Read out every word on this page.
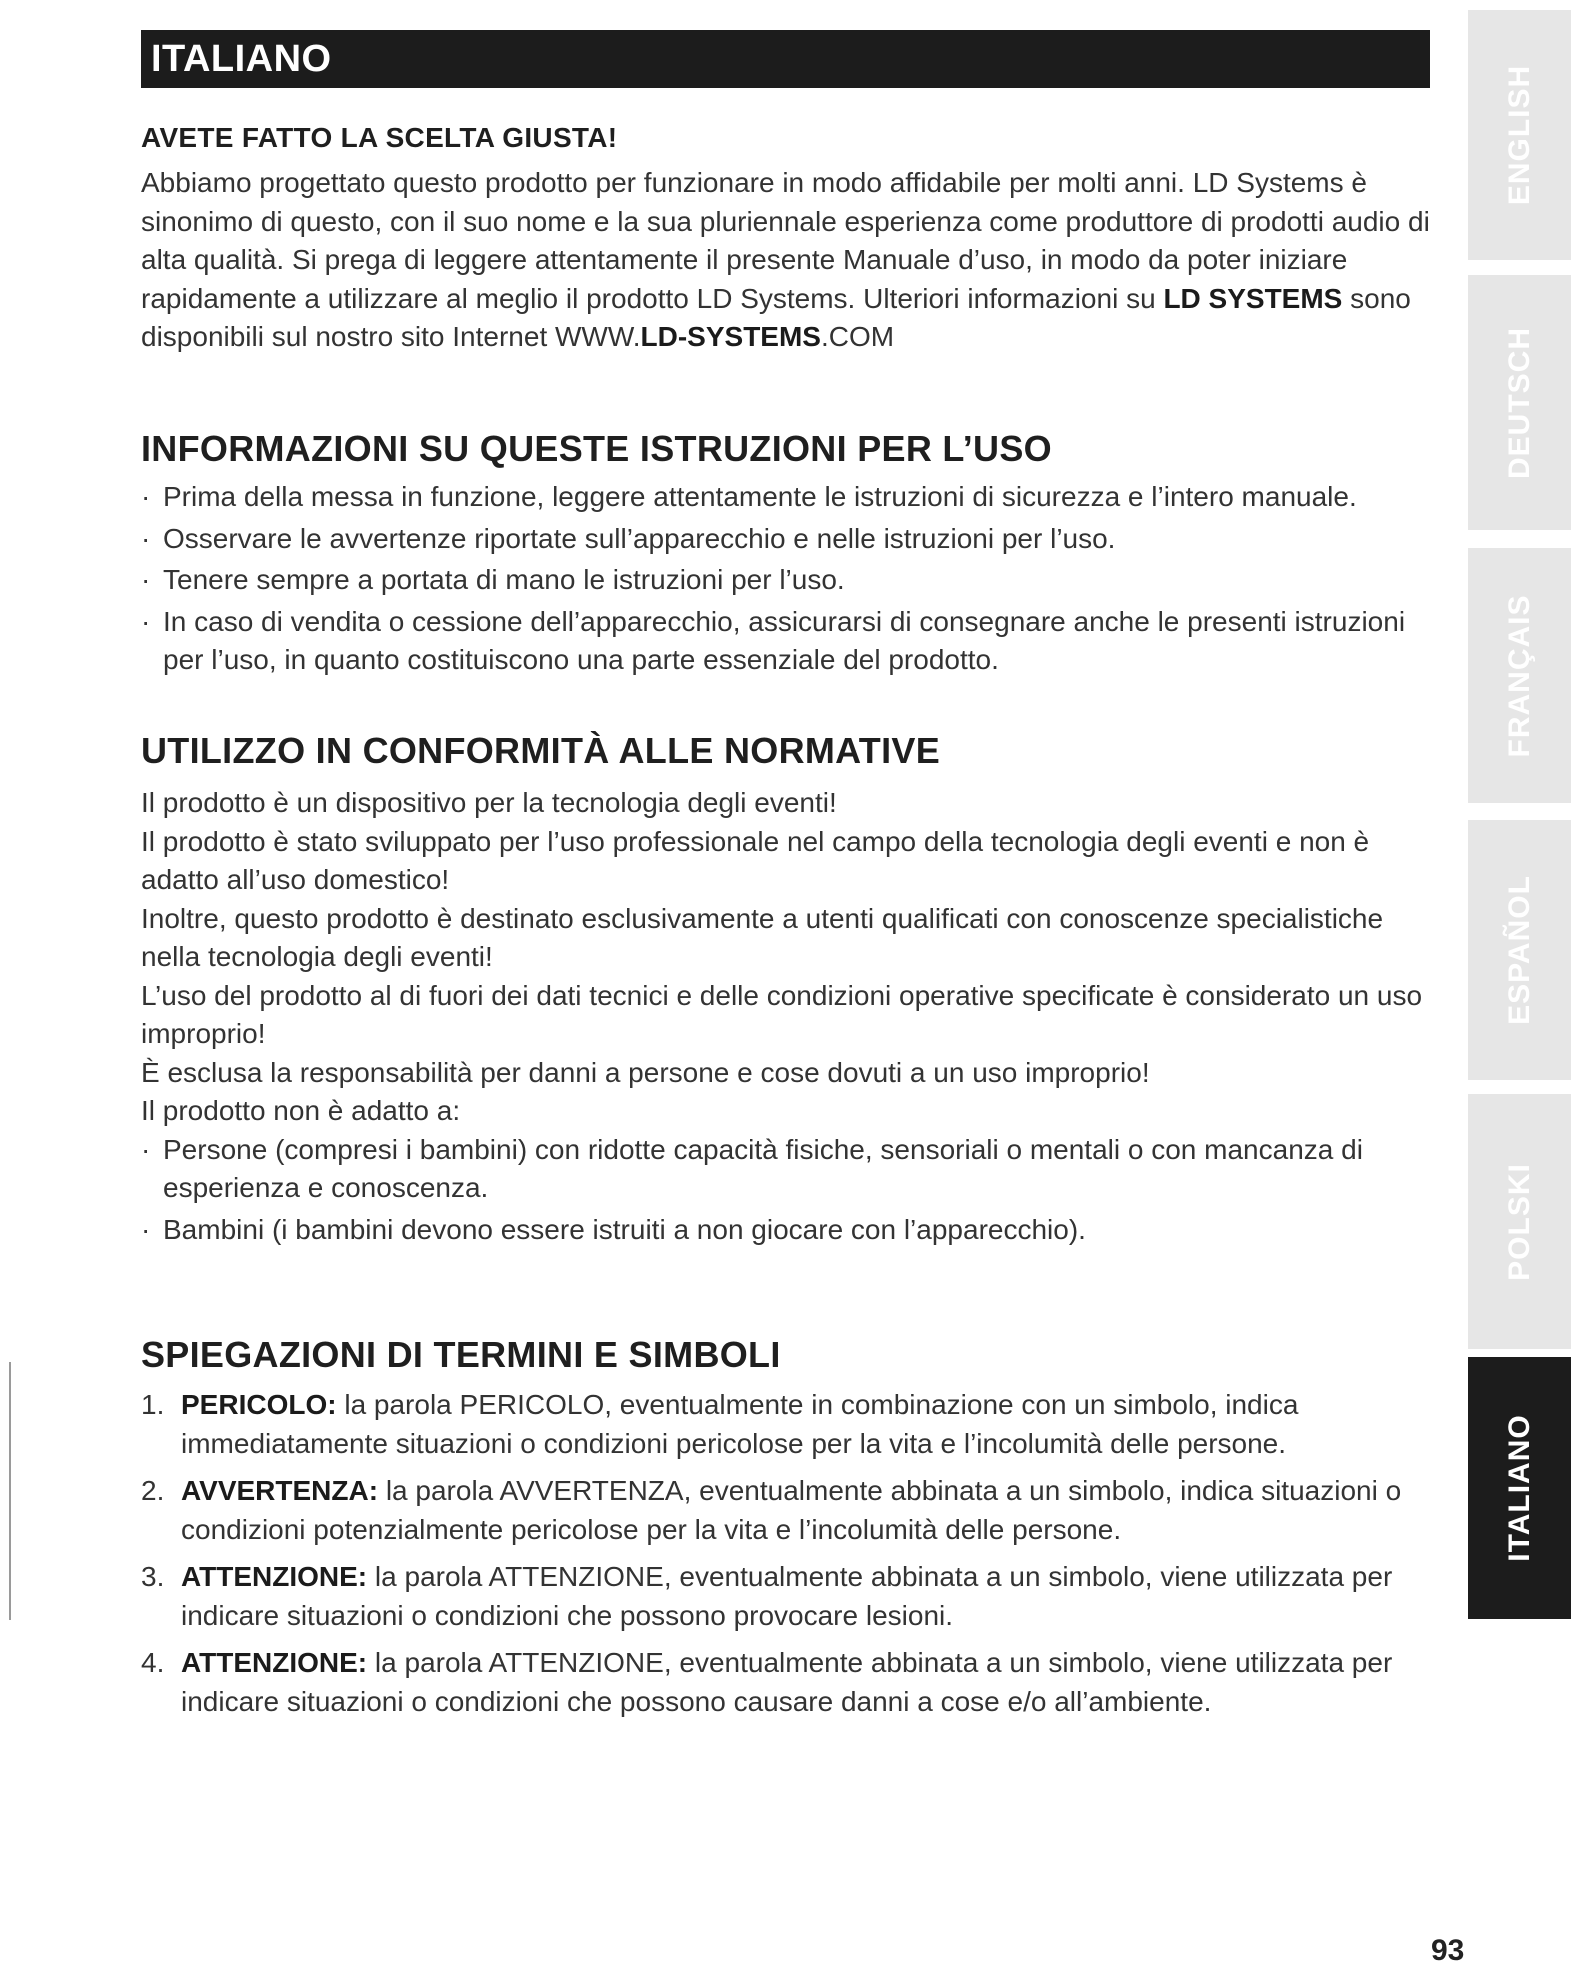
ITALIANO
AVETE FATTO LA SCELTA GIUSTA!

Abbiamo progettato questo prodotto per funzionare in modo affidabile per molti anni. LD Systems è sinonimo di questo, con il suo nome e la sua pluriennale esperienza come produttore di prodotti audio di alta qualità. Si prega di leggere attentamente il presente Manuale d’uso, in modo da poter iniziare rapidamente a utilizzare al meglio il prodotto LD Systems. Ulteriori informazioni su LD SYSTEMS sono disponibili sul nostro sito Internet WWW.LD-SYSTEMS.COM

INFORMAZIONI SU QUESTE ISTRUZIONI PER L’USO
· Prima della messa in funzione, leggere attentamente le istruzioni di sicurezza e l’intero manuale.
· Osservare le avvertenze riportate sull’apparecchio e nelle istruzioni per l’uso.
· Tenere sempre a portata di mano le istruzioni per l’uso.
· In caso di vendita o cessione dell’apparecchio, assicurarsi di consegnare anche le presenti istruzioni per l’uso, in quanto costituiscono una parte essenziale del prodotto.
UTILIZZO IN CONFORMITÀ ALLE NORMATIVE

Il prodotto è un dispositivo per la tecnologia degli eventi!

Il prodotto è stato sviluppato per l’uso professionale nel campo della tecnologia degli eventi e non è adatto all’uso domestico!

Inoltre, questo prodotto è destinato esclusivamente a utenti qualificati con conoscenze specialistiche nella tecnologia degli eventi!

L’uso del prodotto al di fuori dei dati tecnici e delle condizioni operative specificate è considerato un uso improprio!

È esclusa la responsabilità per danni a persone e cose dovuti a un uso improprio!

Il prodotto non è adatto a:

· Persone (compresi i bambini) con ridotte capacità fisiche, sensoriali o mentali o con mancanza di esperienza e conoscenza.
· Bambini (i bambini devono essere istruiti a non giocare con l’apparecchio).
SPIEGAZIONI DI TERMINI E SIMBOLI
1. PERICOLO: la parola PERICOLO, eventualmente in combinazione con un simbolo, indica immediatamente situazioni o condizioni pericolose per la vita e l’incolumità delle persone.
2. AVVERTENZA: la parola AVVERTENZA, eventualmente abbinata a un simbolo, indica situazioni o condizioni potenzialmente pericolose per la vita e l’incolumità delle persone.
3. ATTENZIONE: la parola ATTENZIONE, eventualmente abbinata a un simbolo, viene utilizzata per indicare situazioni o condizioni che possono provocare lesioni.
4. ATTENZIONE: la parola ATTENZIONE, eventualmente abbinata a un simbolo, viene utilizzata per indicare situazioni o condizioni che possono causare danni a cose e/o all’ambiente.
ENGLISH
DEUTSCH
FRANÇAIS
ESPAÑOL
POLSKI
ITALIANO
93
